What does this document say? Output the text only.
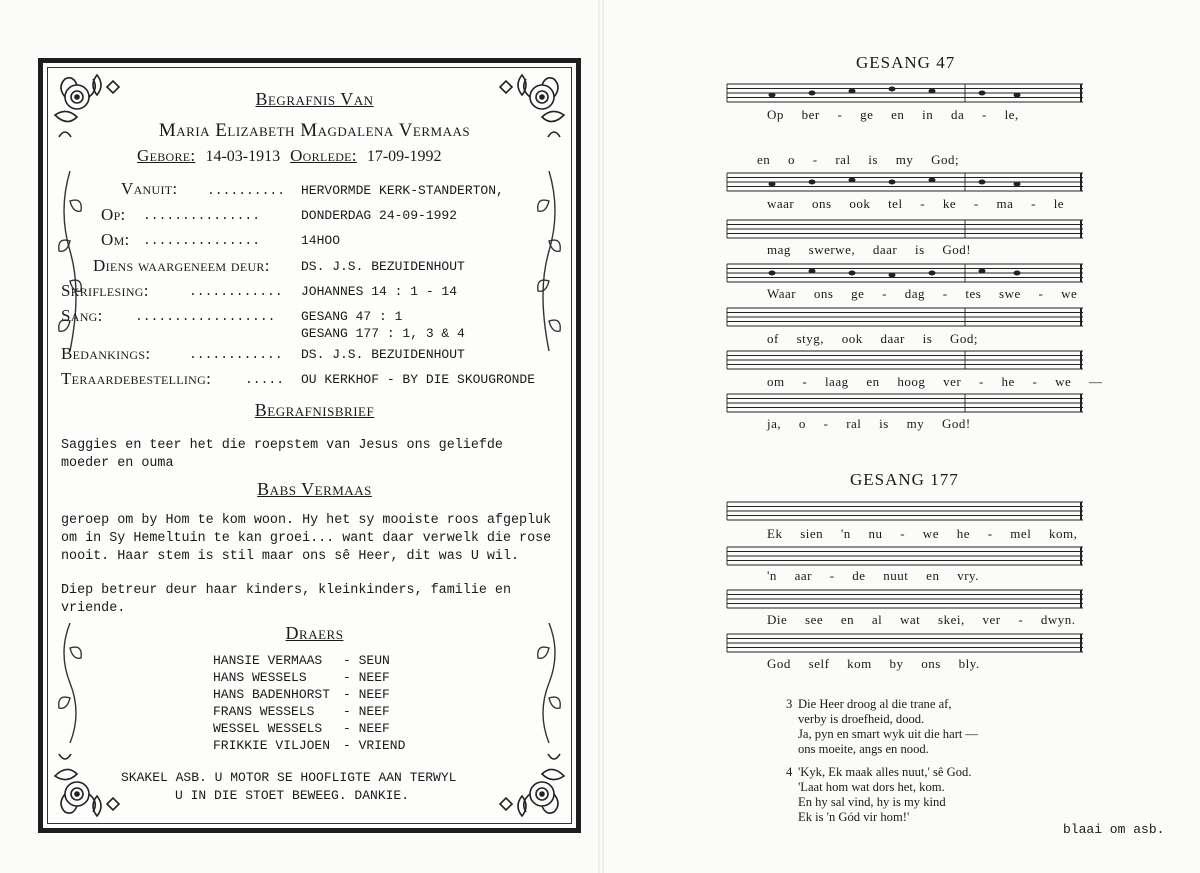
Begrafnis Van
Maria Elizabeth Magdalena Vermaas
Gebore: 14-03-1913 Oorlede: 17-09-1992
Vanuit: .......... HERVORMDE KERK-STANDERTON,
Op: ...............	DONDERDAG 24-09-1992
Om: ...............	14HOO
Diens waargeneem deur: DS. J.S. BEZUIDENHOUT
Skriflesing:	............ JOHANNES 14 : 1 - 14
Sang: .................. GESANG 47 : 1
GESANG 177 : 1, 3 & 4
Bedankings:	............ DS. J.S. BEZUIDENHOUT
Teraardebestelling:	..... OU KERKHOF - BY DIE SKOUGRONDE
Begrafnisbrief
Saggies en teer het die roepstem van Jesus ons geliefde moeder en ouma
Babs Vermaas
geroep om by Hom te kom woon. Hy het sy mooiste roos afgepluk om in Sy Hemeltuin te kan groei... want daar verwelk die rose nooit. Haar stem is stil maar ons sê Heer, dit was U wil.
Diep betreur deur haar kinders, kleinkinders, familie en vriende.
Draers
HANSIE VERMAAS - SEUN
HANS WESSELS	- NEEF
HANS BADENHORST - NEEF
FRANS WESSELS - NEEF
WESSEL WESSELS - NEEF
FRIKKIE VILJOEN - VRIEND
SKAKEL ASB. U MOTOR SE HOOFLIGTE AAN TERWYL
U IN DIE STOET BEWEEG. DANKIE.
GESANG 47
Op ber - ge en in da - le,
en o - ral is my God;
waar ons ook tel - ke - ma - le
mag swerwe, daar is God!
Waar ons ge - dag - tes swe - we
of styg, ook daar is God;
om - laag en hoog ver - he - we —
ja, o - ral is my God!
GESANG 177
Ek sien 'n nu - we he - mel kom,
'n aar - de nuut en vry.
Die see en al wat skei, ver - dwyn.
God self kom by ons bly.
3 Die Heer droog al die trane af,
verby is droefheid, dood.
Ja, pyn en smart wyk uit die hart —
ons moeite, angs en nood.
4 'Kyk, Ek maak alles nuut,' sê God.
'Laat hom wat dors het, kom.
En hy sal vind, hy is my kind
Ek is 'n Gód vir hom!'
blaai om asb.
